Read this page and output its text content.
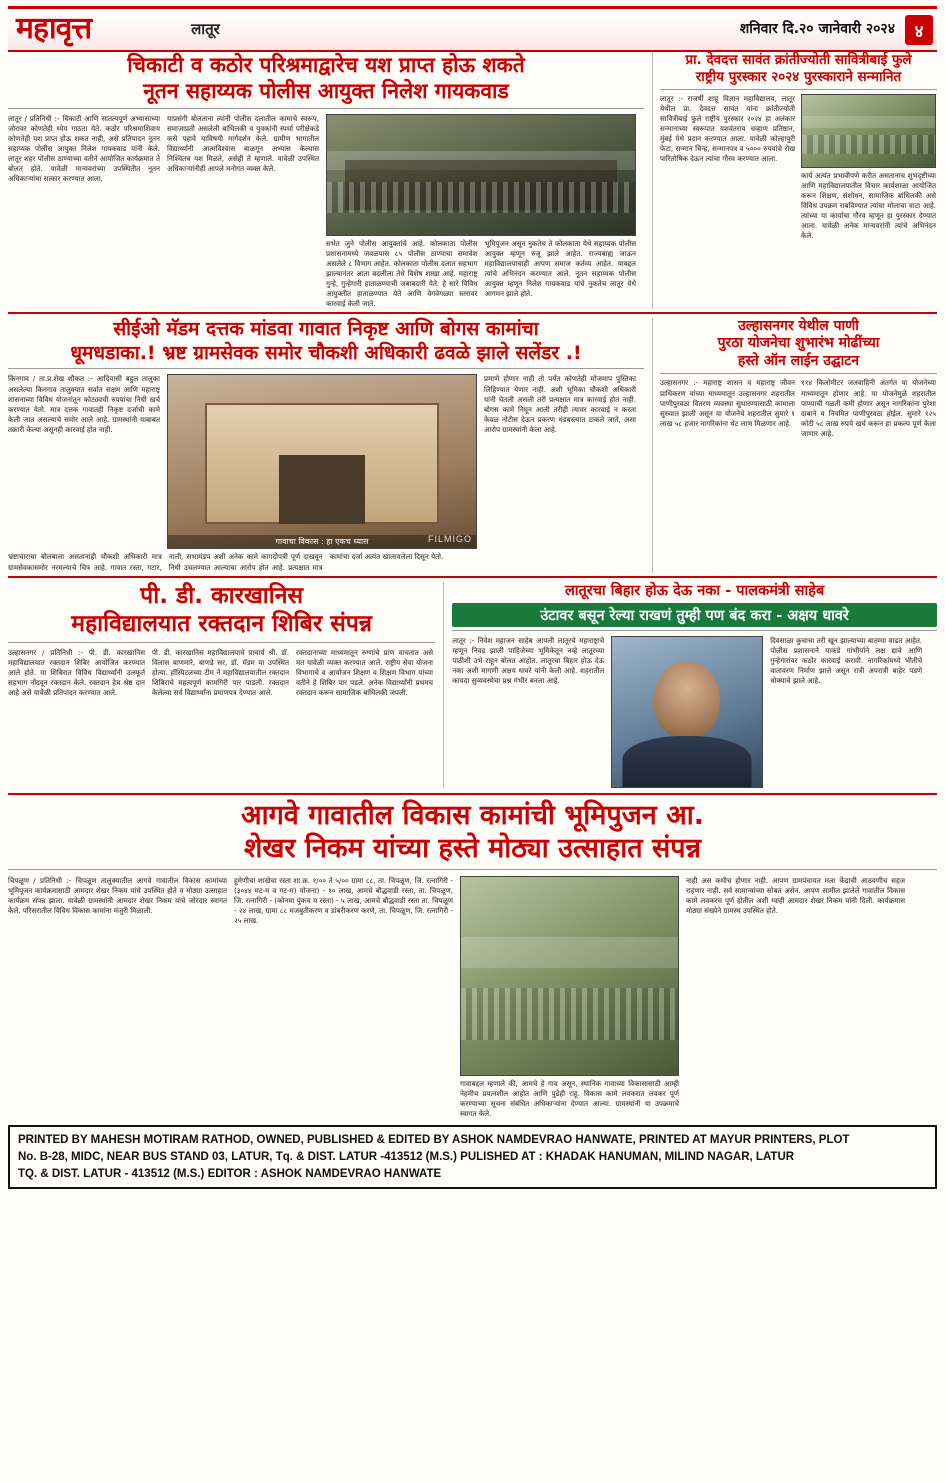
महावृत्त	लातूर	शनिवार दि.२० जानेवारी २०२४	४
चिकाटी व कठोर परिश्रमाद्वारेच यश प्राप्त होऊ शकते
नूतन सहाय्यक पोलीस आयुक्त निलेश गायकवाड
लातूर / प्रतिनिधी :- चिकाटी आणि सातत्यपूर्ण अभ्यासाच्या जोरावर कोणतेही ध्येय गाठता येते. कठोर परिश्रमाशिवाय कोणतेही यश प्राप्त होऊ शकत नाही, असे प्रतिपादन नूतन सहाय्यक पोलीस आयुक्त निलेश गायकवाड यांनी केले. लातूर शहर पोलीस ठाण्याच्या वतीने आयोजित कार्यक्रमात ते बोलत होते. यावेळी मान्यवरांच्या उपस्थितीत नूतन अधिकाऱ्यांचा सत्कार करण्यात आला.
याप्रसंगी बोलताना त्यांनी पोलीस दलातील कामाचे स्वरूप, समाजाप्रती असलेली बांधिलकी व युवकांनी स्पर्धा परीक्षेकडे कसे पहावे याविषयी मार्गदर्शन केले. ग्रामीण भागातील विद्यार्थ्यांनी आत्मविश्वास बाळगून अभ्यास केल्यास निश्चितच यश मिळते, असेही ते म्हणाले. यावेळी उपस्थित अधिकाऱ्यांनीही आपले मनोगत व्यक्त केले.
सभेत जुने पोलीस आयुक्तांचे आहे. कोलकाता पोलीस प्रशासनामध्ये जवळपास ८५ पोलीस ठाण्याचा समावेश असलेले ८ विभाग आहेत. कोलकाता पोलीस दलात सहभाग झाल्यानंतर आता बदलीला तेथे विशेष शाखा आहे. महाराष्ट्र गुन्हे, गुन्हेगारी हाताळण्याची जबाबदारी येते. हे सारे विविध आयुक्तीत हाताळण्यात येते आणि वेगवेगळ्या स्तरावर कारवाई केली जाते.
भूमिपूजन असून नुकतेच ते कोलकाता येथे सहाय्यक पोलीस आयुक्त म्हणून रुजू झाले आहेत. राज्यबाह्य जाऊन महाविद्यालयाचाही आपण समाज कर्तव्य आहेत. याबद्दल त्यांचे अभिनंदन करण्यात आले. नूतन सहाय्यक पोलीस आयुक्त म्हणून निलेश गायकवाड यांचे नुकतेच लातूर येथे आगमन झाले होते.
प्रा. देवदत्त सावंत क्रांतीज्योती सावित्रीबाई फुले
राष्ट्रीय पुरस्कार २०२४ पुरस्काराने सन्मानित
लातूर :- राजर्षी शाहू विज्ञान महाविद्यालय, लातूर येथील प्रा. देवदत्त सावंत यांना क्रांतीज्योती सावित्रीबाई फुले राष्ट्रीय पुरस्कार २०२४ हा अलंकार सन्मानाच्या स्वरूपात यशवंतराव चव्हाण प्रतिष्ठान, मुंबई येथे प्रदान करण्यात आला. यावेळी कोल्हापुरी फेटा, सन्मान चिन्ह, सन्मानपत्र व ५००० रुपयांचे रोख पारितोषिक देऊन त्यांचा गौरव करण्यात आला.
कार्य अत्यंत प्रभावीपणे करीत असतानाच शुभदृष्टीच्या आणि महाविद्यालयातील विचार कार्यशाळा आयोजित करून शिक्षण, संशोधन, सामाजिक बांधिलकी असे विविध उपक्रम राबविण्यात त्यांचा मोलाचा वाटा आहे. त्यांच्या या कार्याचा गौरव म्हणून हा पुरस्कार देण्यात आला. यावेळी अनेक मान्यवरांनी त्यांचे अभिनंदन केले.
सीईओ मॅडम दत्तक मांडवा गावात निकृष्ट आणि बोगस कामांचा
धूमधडाका.! भ्रष्ट ग्रामसेवक समोर चौकशी अधिकारी ढवळे झाले सलेंडर .!
किनगाव / ता.प्र.शेख शौकत :- आदिवासी बहुल तालुका असलेल्या किनगाव तालुक्यात सर्वात सक्षम आणि महाराष्ट्र शासनाच्या विविध योजनांतून कोट्यवधी रुपयांचा निधी खर्च करण्यात येतो. मात्र दत्तक गावातही निकृष्ट दर्जाची कामे केली जात असल्याचे समोर आले आहे. ग्रामस्थांनी याबाबत तक्रारी केल्या असूनही कारवाई होत नाही.
गावाचा विकास : हा एकच ध्यास	FILMIGO
प्रमाणे होणार नाही तो पर्यंत कोणतेही मोजमाप पुस्तिका लिहिण्यात येणार नाही. अशी भूमिका चौकशी अधिकारी यांनी घेतली असली तरी प्रत्यक्षात मात्र कारवाई होत नाही. बोगस कामे निघून आली तरीही त्यावर कारवाई न करता केवळ नोटीस देऊन प्रकरण थंडबस्त्यात टाकले जाते, असा आरोप ग्रामस्थांनी केला आहे.
भ्रष्टाचाराचा बोलबाला असतानाही चौकशी अधिकारी मात्र ग्रामसेवकासमोर नरमल्याचे चित्र आहे. गावात रस्ता, गटार, नाली, सभामंडप अशी अनेक कामे कागदोपत्री पूर्ण दाखवून निधी उचलण्यात आल्याचा आरोप होत आहे. प्रत्यक्षात मात्र कामांचा दर्जा अत्यंत खालावलेला दिसून येतो.
उल्हासनगर येथील पाणी
पुरठा योजनेचा शुभारंभ मोढींच्या
हस्ते ऑन लाईन उद्घाटन
उल्हासनगर :- महाराष्ट्र शासन व महाराष्ट्र जीवन प्राधिकरण यांच्या माध्यमातून उल्हासनगर शहरातील पाणीपुरवठा वितरण व्यवस्था सुधारण्यासाठी कामाला सुरुवात झाली असून या योजनेचे शहरातील सुमारे १ लाख ५८ हजार नागरिकांना थेट लाभ मिळणार आहे.
११४ किलोमीटर जलवाहिनी अंतर्गत या योजनेच्या माध्यमातून होणार आहे. या योजनेमुळे शहरातील पाण्याची गळती कमी होणार असून नागरिकांना पुरेशा दाबाने व नियमित पाणीपुरवठा होईल. सुमारे १२५ कोटी ५८ लाख रुपये खर्च करून हा प्रकल्प पूर्ण केला जाणार आहे.
पी. डी. कारखानिस
महाविद्यालयात रक्तदान शिबिर संपन्न
उल्हासनगर / प्रतिनिधी :- पी. डी. कारखानिस महाविद्यालयात रक्तदान शिबिर आयोजित करण्यात आले होते. या शिबिरात विविध विद्यार्थ्यांनी उत्स्फूर्त सहभाग नोंदवून रक्तदान केले. रक्तदान हेच श्रेष्ठ दान आहे असे यावेळी प्रतिपादन करण्यात आले.
पी. डी. कारखानिस महाविद्यालयाचे प्राचार्य श्री. डॉ. विलास बाणमारे, बाणडे सर, डॉ. मॅडम या उपस्थित होत्या. हॉस्पिटलच्या टीम ने महाविद्यालयातील रक्तदान शिबिराचे महत्वपूर्ण कामगिरी पार पाडली. रक्तदान केलेल्या सर्व विद्यार्थ्यांना प्रमाणपत्र देण्यात आले.
रक्तदानाच्या माध्यमातून रुग्णांचे प्राण वाचतात असे मत यावेळी व्यक्त करण्यात आले. राष्ट्रीय सेवा योजना विभागाचे व आयोजन शिक्षण व शिक्षण विभाग यांच्या वतीने हे शिबिर पार पडले. अनेक विद्यार्थ्यांनी प्रथमच रक्तदान करून सामाजिक बांधिलकी जपली.
लातूरचा बिहार होऊ देऊ नका - पालकमंत्री साहेब
उंटावर बसून रेल्या राखणं तुम्ही पण बंद करा - अक्षय धावरे
लातूर :- निवेश महाजन साहेब आपली लातूरचे महाराष्ट्राचे म्हणून निवड झाली पाहिजेच्या भूमिकेतून नव्हे लातूरच्या पाठीशी उभे राहून बोलत आहोत. लातूरचा बिहार होऊ देऊ नका अशी मागणी अक्षय धावरे यांनी केली आहे. शहरातील कायदा सुव्यवस्थेचा प्रश्न गंभीर बनला आहे.
दिवसाळा कुचाचा तरी खून झाल्याच्या बातम्या वाढत आहेत. पोलीस प्रशासनाने याकडे गांभीर्याने लक्ष द्यावे आणि गुन्हेगारांवर कठोर कारवाई करावी. नागरिकांमध्ये भीतीचे वातावरण निर्माण झाले असून रात्री अपरात्री बाहेर पडणे धोक्याचे झाले आहे.
आगवे गावातील विकास कामांची भूमिपुजन आ.
शेखर निकम यांच्या हस्ते मोठ्या उत्साहात संपन्न
चिपळूण / प्रतिनिधी :- चिपळूण तालुक्यातील आगवे गावातील विकास कामांच्या भूमिपूजन कार्यक्रमासाठी आमदार शेखर निकम यांचे उपस्थित होते व मोठ्या उत्साहात कार्यक्रम संपन्न झाला. यावेळी ग्रामस्थांनी आमदार शेखर निकम यांचे जोरदार स्वागत केले. परिसरातील विविध विकास कामांना मंजुरी मिळाली.
हुमेणीचा शाखेचा रस्ता शा.क्र. १/०० ते ५/०० ग्रामा ८८, ता. चिपळूण, जि. रत्नागिरी - (३०४४ मट-म व गट-म) योजना) - १० लाख, आमचे बौद्धवाडी रस्ता, ता. चिपळूण, जि. रत्नागिरी - (कोनमा पुंकच य रस्ता) - ५ लाख, आमचे बौद्धवाडी रस्ता ता. चिपळूण - २४ लाख, ग्रामा ८८ मजबुतीकरण व डांबरीकरण करणे, ता. चिपळूण, जि. रत्नागिरी - २५ लाख.
गावाबद्दल म्हणाले की, आमचे हे गाव असून, स्थानिक गावाच्या विकासासाठी आम्ही नेहमीच प्रयत्नशील आहोत आणि पुढेही राहू. विकास कामे लवकरात लवकर पूर्ण करण्याच्या सूचना संबंधित अधिकाऱ्यांना देण्यात आल्या. ग्रामस्थांनी या उपक्रमाचे स्वागत केले.
नाही अस कधीच होणार नाही. आपण ग्रामपंचायत मला केंद्राची आठवणीच सहज राहणार नाही. सर्व सामान्यांच्या सोबत असेन. आपण सामील झालेले गावातील विकास कामे लवकरच पूर्ण होतील अशी ग्वाही आमदार शेखर निकम यांनी दिली. कार्यक्रमास मोठ्या संख्येने ग्रामस्थ उपस्थित होते.
PRINTED BY MAHESH MOTIRAM RATHOD, OWNED, PUBLISHED & EDITED BY ASHOK NAMDEVRAO HANWATE, PRINTED AT MAYUR PRINTERS, PLOT
No. B-28, MIDC, NEAR BUS STAND 03, LATUR, Tq. & DIST. LATUR -413512 (M.S.) PULISHED AT : KHADAK HANUMAN, MILIND NAGAR, LATUR
TQ. & DIST. LATUR - 413512 (M.S.) EDITOR : ASHOK NAMDEVRAO HANWATE
